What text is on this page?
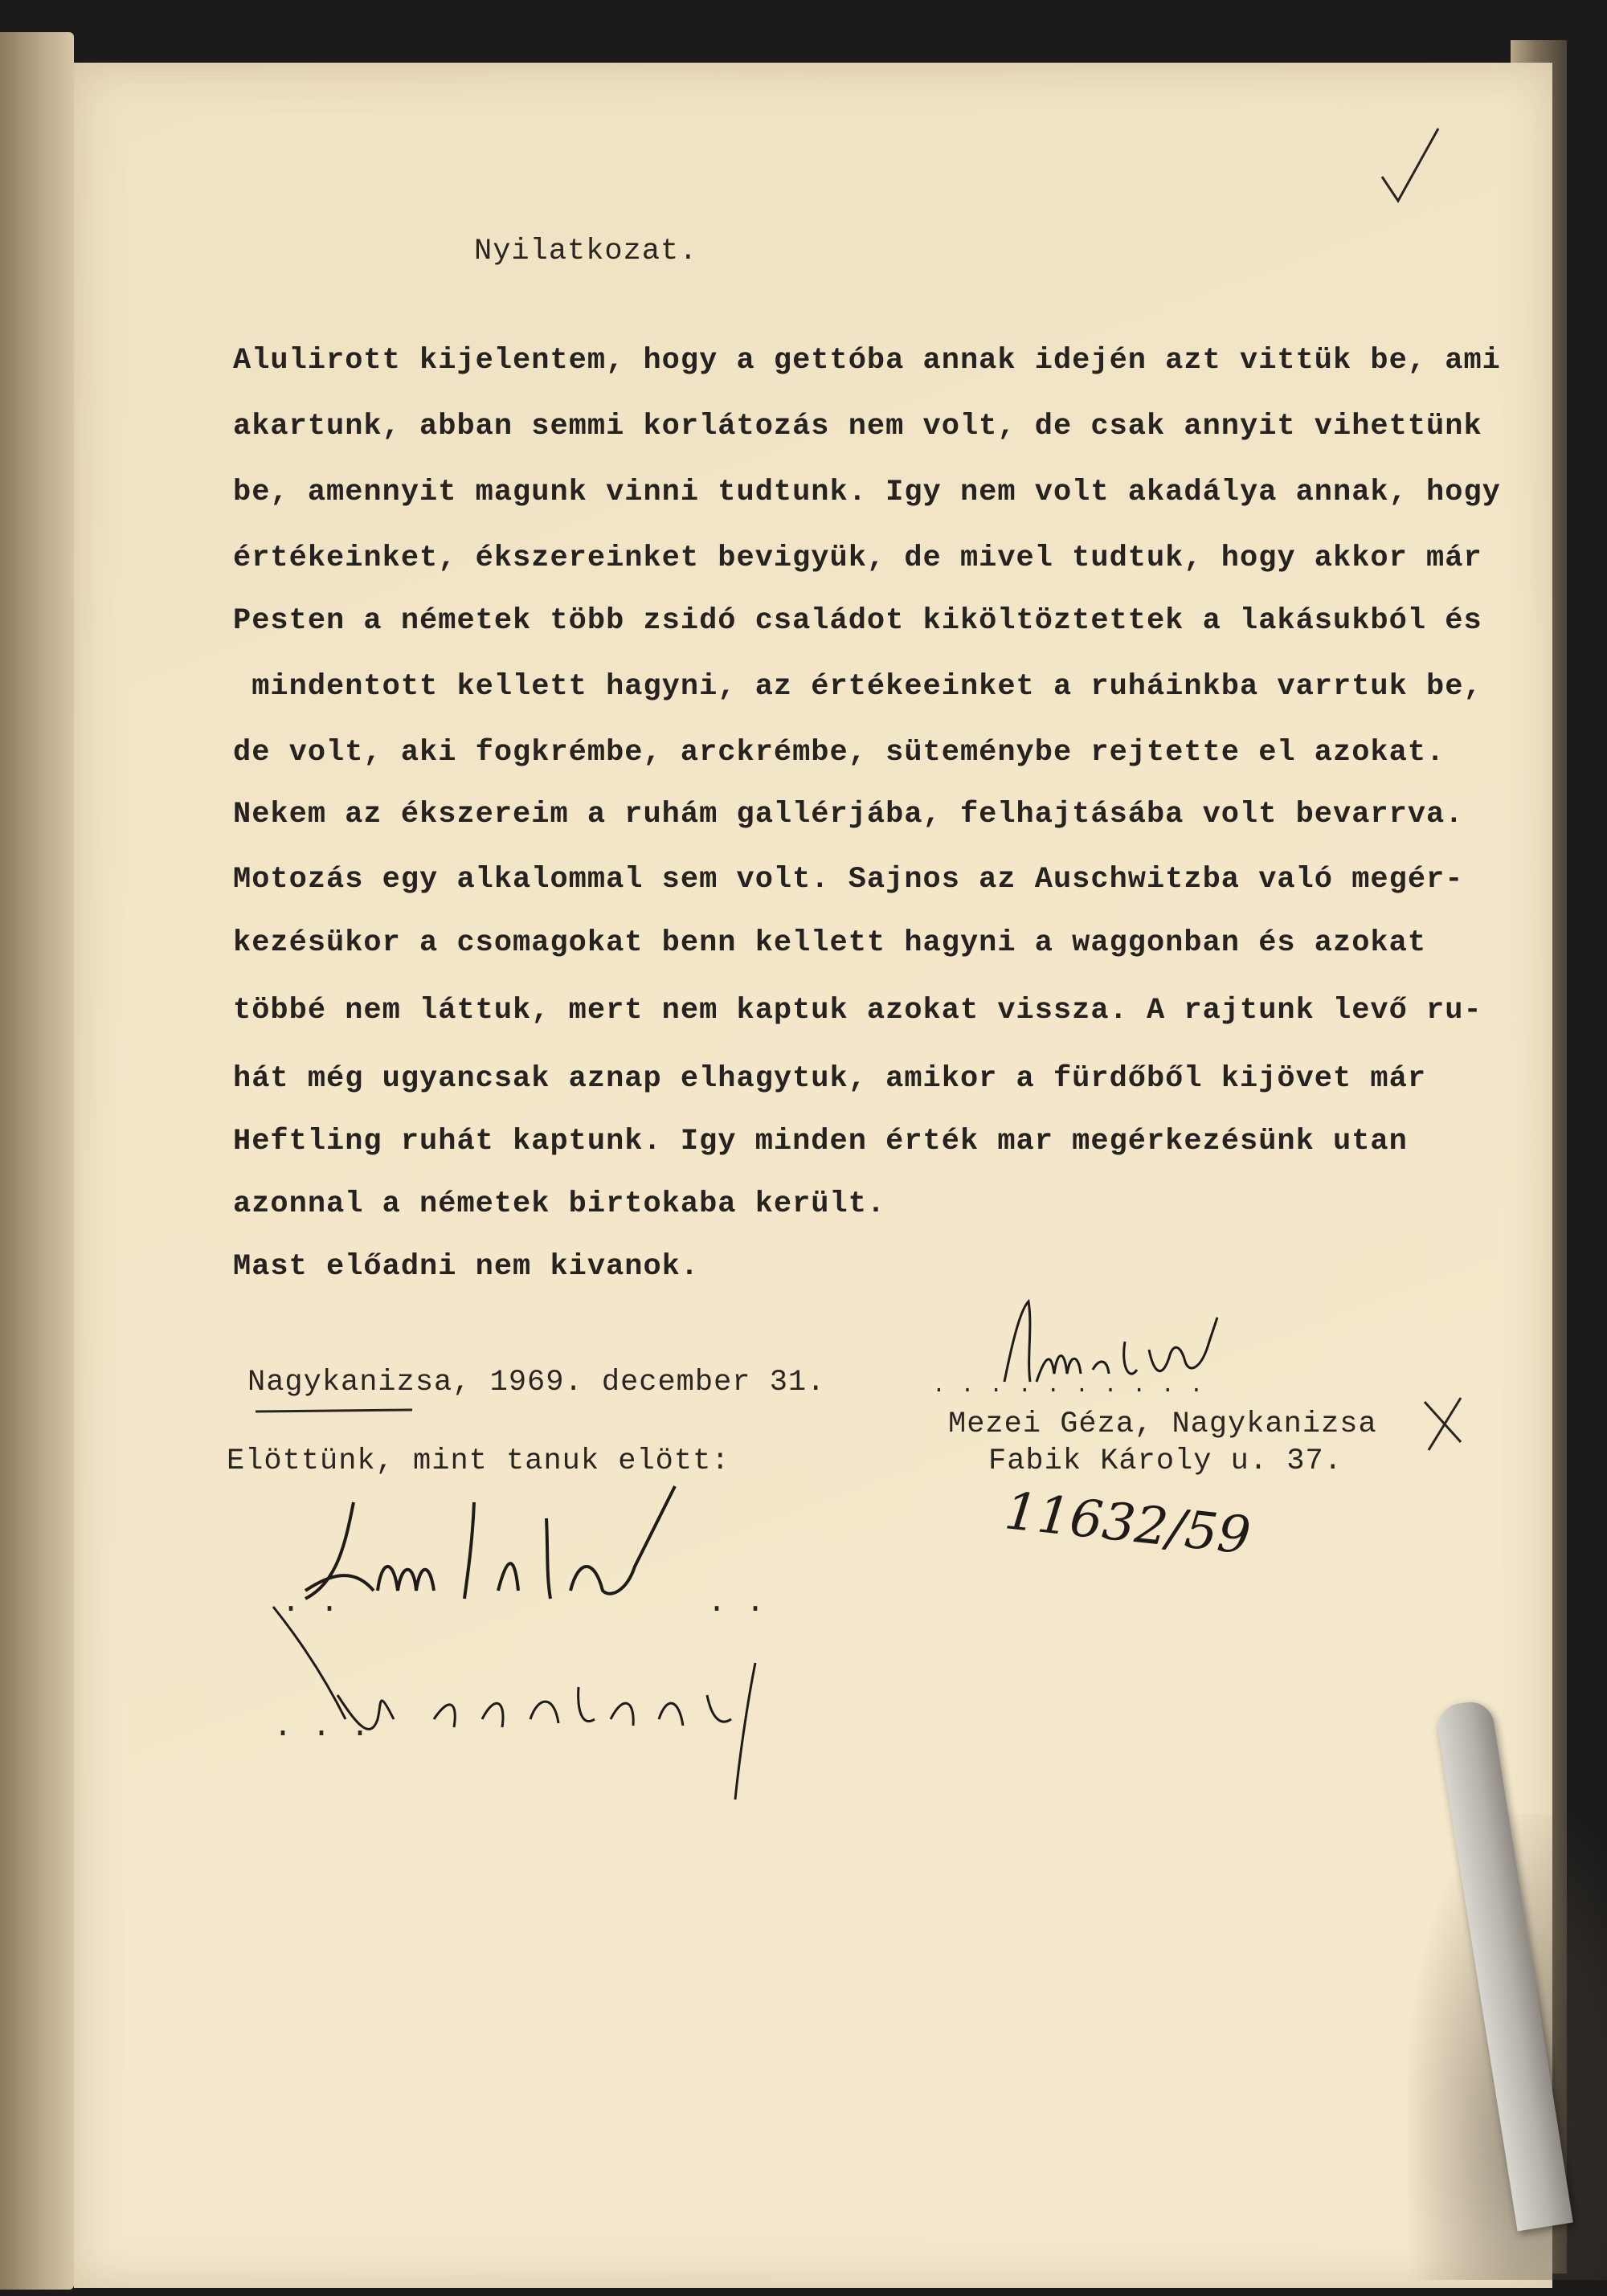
Nyilatkozat.
Alulirott kijelentem, hogy a gettóba annak idején azt vittük be, ami
akartunk, abban semmi korlátozás nem volt, de csak annyit vihettünk
be, amennyit magunk vinni tudtunk. Igy nem volt akadálya annak, hogy
értékeinket, ékszereinket bevigyük, de mivel tudtuk, hogy akkor már
Pesten a németek több zsidó családot kiköltöztettek a lakásukból és
mindentott kellett hagyni, az értékeeinket a ruháinkba varrtuk be,
de volt, aki fogkrémbe, arckrémbe, süteménybe rejtette el azokat.
Nekem az ékszereim a ruhám gallérjába, felhajtásába volt bevarrva.
Motozás egy alkalommal sem volt. Sajnos az Auschwitzba való megér-
kezésükor a csomagokat benn kellett hagyni a waggonban és azokat
többé nem láttuk, mert nem kaptuk azokat vissza. A rajtunk levő ru-
hát még ugyancsak aznap elhagytuk, amikor a fürdőből kijövet már
Heftling ruhát kaptunk. Igy minden érték mar megérkezésünk utan
azonnal a németek birtokaba került.
Mast előadni nem kivanok.
Nagykanizsa, 1969. december 31.
Elöttünk, mint tanuk elött:
. . . . . . . . . .
Mezei Géza, Nagykanizsa
Fabik Károly u. 37.
11632/59
. .	. .
. . .
